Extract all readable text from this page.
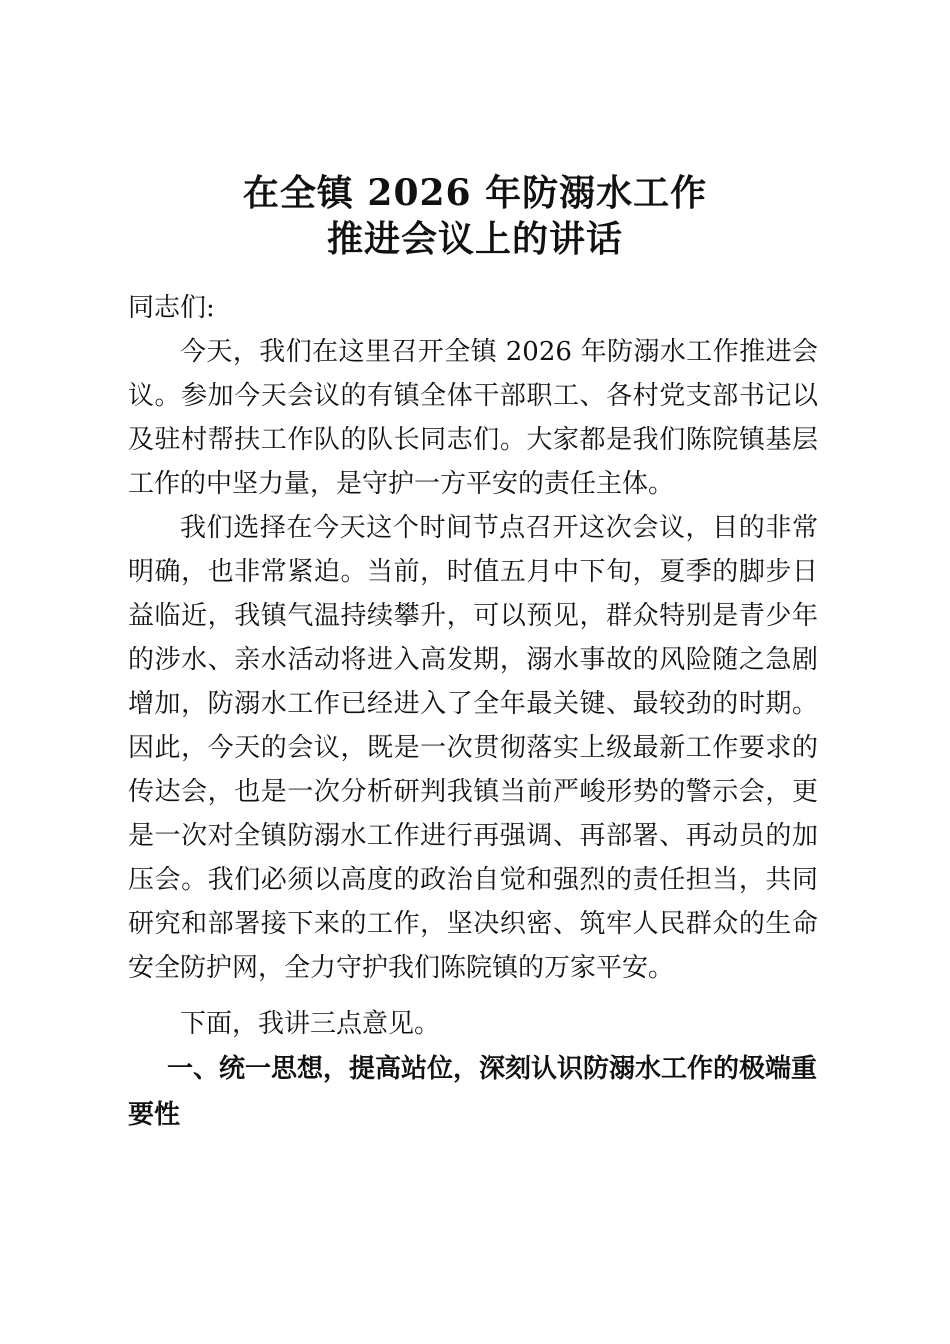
在全镇 2026 年防溺水工作
推进会议上的讲话
同志们:
今天，我们在这里召开全镇 2026 年防溺水工作推进会议。参加今天会议的有镇全体干部职工、各村党支部书记以及驻村帮扶工作队的队长同志们。大家都是我们陈院镇基层工作的中坚力量，是守护一方平安的责任主体。
我们选择在今天这个时间节点召开这次会议，目的非常明确，也非常紧迫。当前，时值五月中下旬，夏季的脚步日益临近，我镇气温持续攀升，可以预见，群众特别是青少年的涉水、亲水活动将进入高发期，溺水事故的风险随之急剧增加，防溺水工作已经进入了全年最关键、最较劲的时期。因此，今天的会议，既是一次贯彻落实上级最新工作要求的传达会，也是一次分析研判我镇当前严峻形势的警示会，更是一次对全镇防溺水工作进行再强调、再部署、再动员的加压会。我们必须以高度的政治自觉和强烈的责任担当，共同研究和部署接下来的工作，坚决织密、筑牢人民群众的生命安全防护网，全力守护我们陈院镇的万家平安。
下面，我讲三点意见。
一、统一思想，提高站位，深刻认识防溺水工作的极端重要性
